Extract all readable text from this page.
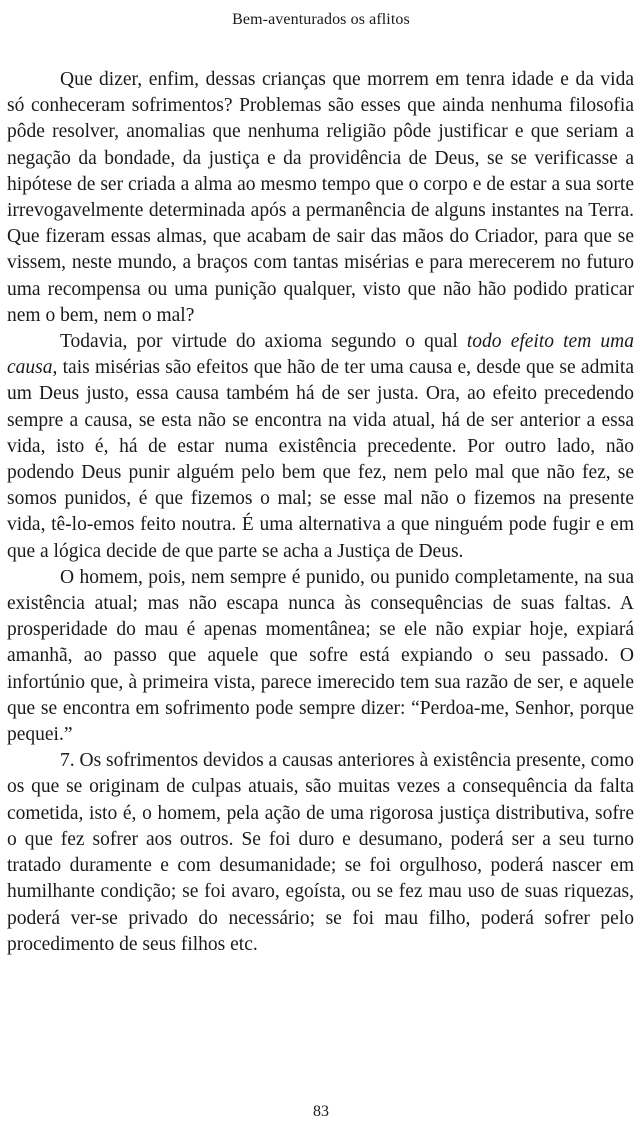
Bem-aventurados os aflitos

Que dizer, enfim, dessas crianças que morrem em tenra idade e da vida só conheceram sofrimentos? Problemas são esses que ainda nenhuma filosofia pôde resolver, anomalias que nenhuma religião pôde justificar e que seriam a negação da bondade, da justiça e da providência de Deus, se se verificasse a hipótese de ser criada a alma ao mesmo tempo que o corpo e de estar a sua sorte irrevogavelmente determinada após a permanência de alguns instantes na Terra. Que fizeram essas almas, que acabam de sair das mãos do Criador, para que se vissem, neste mundo, a braços com tantas misérias e para merecerem no futuro uma recompensa ou uma punição qualquer, visto que não hão podido praticar nem o bem, nem o mal?

Todavia, por virtude do axioma segundo o qual todo efeito tem uma causa, tais misérias são efeitos que hão de ter uma causa e, desde que se admita um Deus justo, essa causa também há de ser justa. Ora, ao efeito precedendo sempre a causa, se esta não se encontra na vida atual, há de ser anterior a essa vida, isto é, há de estar numa existência precedente. Por outro lado, não podendo Deus punir alguém pelo bem que fez, nem pelo mal que não fez, se somos punidos, é que fizemos o mal; se esse mal não o fizemos na presente vida, tê-lo-emos feito noutra. É uma alternativa a que ninguém pode fugir e em que a lógica decide de que parte se acha a Justiça de Deus.

O homem, pois, nem sempre é punido, ou punido completamente, na sua existência atual; mas não escapa nunca às consequências de suas faltas. A prosperidade do mau é apenas momentânea; se ele não expiar hoje, expiará amanhã, ao passo que aquele que sofre está expiando o seu passado. O infortúnio que, à primeira vista, parece imerecido tem sua razão de ser, e aquele que se encontra em sofrimento pode sempre dizer: “Perdoa-me, Senhor, porque pequei.”

7. Os sofrimentos devidos a causas anteriores à existência presente, como os que se originam de culpas atuais, são muitas vezes a consequência da falta cometida, isto é, o homem, pela ação de uma rigorosa justiça distributiva, sofre o que fez sofrer aos outros. Se foi duro e desumano, poderá ser a seu turno tratado duramente e com desumanidade; se foi orgulhoso, poderá nascer em humilhante condição; se foi avaro, egoísta, ou se fez mau uso de suas riquezas, poderá ver-se privado do necessário; se foi mau filho, poderá sofrer pelo procedimento de seus filhos etc.

83
